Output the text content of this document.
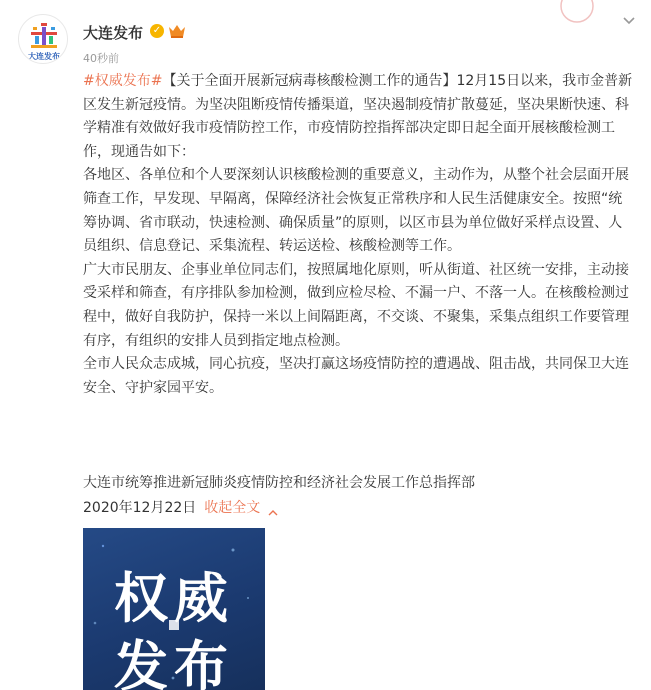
大连发布
大连发布 ✓
40秒前

#权威发布#【关于全面开展新冠病毒核酸检测工作的通告】12月15日以来，我市金普新区发生新冠疫情。为坚决阻断疫情传播渠道，坚决遏制疫情扩散蔓延，坚决果断快速、科学精准有效做好我市疫情防控工作，市疫情防控指挥部决定即日起全面开展核酸检测工作，现通告如下：

各地区、各单位和个人要深刻认识核酸检测的重要意义，主动作为，从整个社会层面开展筛查工作，早发现、早隔离，保障经济社会恢复正常秩序和人民生活健康安全。按照“统筹协调、省市联动，快速检测、确保质量”的原则，以区市县为单位做好采样点设置、人员组织、信息登记、采集流程、转运送检、核酸检测等工作。

广大市民朋友、企事业单位同志们，按照属地化原则，听从街道、社区统一安排，主动接受采样和筛查，有序排队参加检测，做到应检尽检、不漏一户、不落一人。在核酸检测过程中，做好自我防护，保持一米以上间隔距离，不交谈、不聚集，采集点组织工作要管理有序，有组织的安排人员到指定地点检测。

全市人民众志成城，同心抗疫，坚决打赢这场疫情防控的遭遇战、阻击战，共同保卫大连安全、守护家园平安。

大连市统筹推进新冠肺炎疫情防控和经济社会发展工作总指挥部
2020年12月22日 收起全文
权威
发布
